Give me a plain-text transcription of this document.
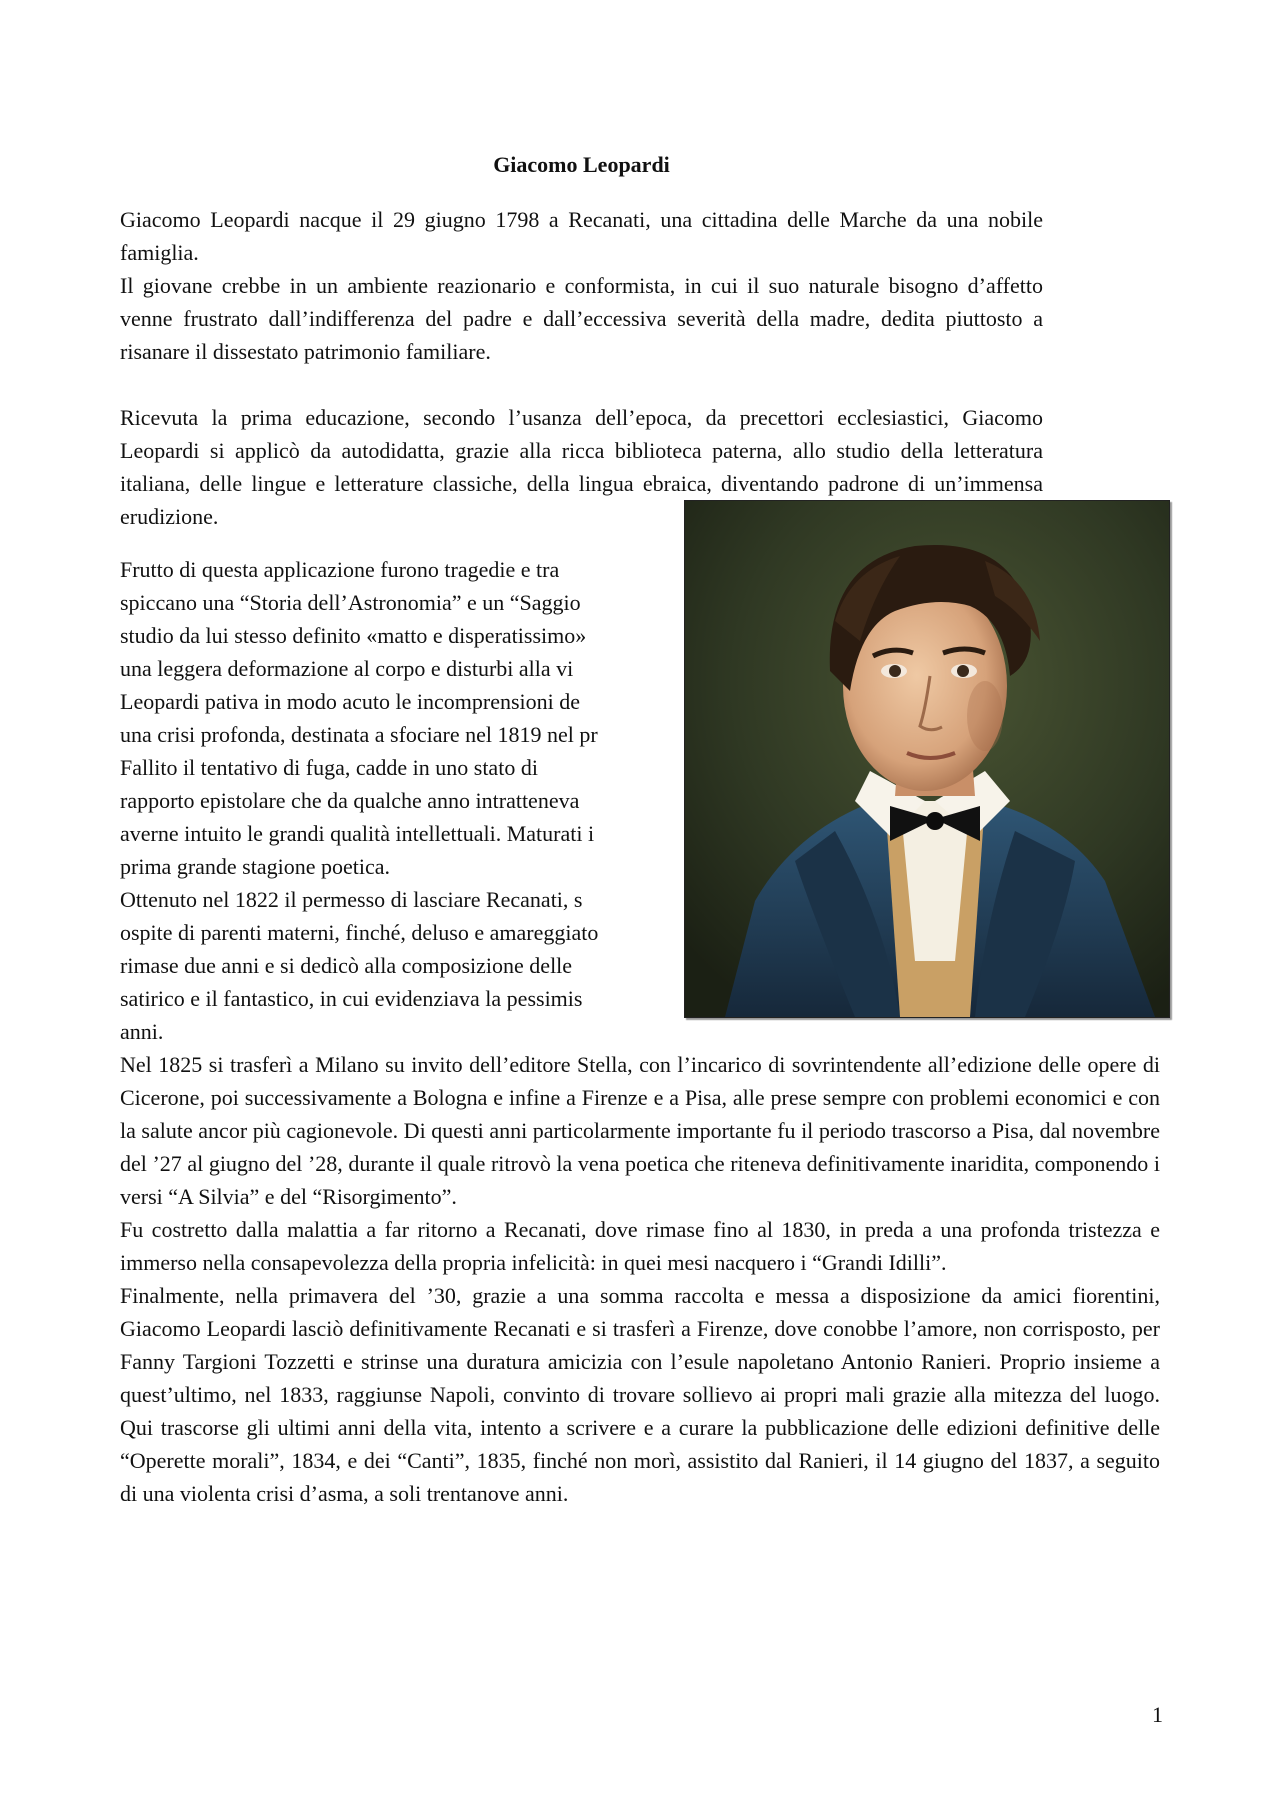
Giacomo Leopardi

Giacomo Leopardi nacque il 29 giugno 1798 a Recanati, una cittadina delle Marche da una nobile famiglia.

Il giovane crebbe in un ambiente reazionario e conformista, in cui il suo naturale bisogno d’affetto venne frustrato dall’indifferenza del padre e dall’eccessiva severità della madre, dedita piuttosto a risanare il dissestato patrimonio familiare.

Ricevuta la prima educazione, secondo l’usanza dell’epoca, da precettori ecclesiastici, Giacomo Leopardi si applicò da autodidatta, grazie alla ricca biblioteca paterna, allo studio della letteratura italiana, delle lingue e letterature classiche, della lingua ebraica, diventando padrone di un’immensa erudizione.

Frutto di questa applicazione furono tragedie e tra

spiccano una “Storia dell’Astronomia” e un “Saggio

studio da lui stesso definito «matto e disperatissimo»

una leggera deformazione al corpo e disturbi alla vi

Leopardi pativa in modo acuto le incomprensioni de

una crisi profonda, destinata a sfociare nel 1819 nel pr

Fallito il tentativo di fuga, cadde in uno stato di

rapporto epistolare che da qualche anno intratteneva

averne intuito le grandi qualità intellettuali. Maturati i

prima grande stagione poetica.

Ottenuto nel 1822 il permesso di lasciare Recanati, s

ospite di parenti materni, finché, deluso e amareggiato

rimase due anni e si dedicò alla composizione delle

satirico e il fantastico, in cui evidenziava la pessimis

anni.

Nel 1825 si trasferì a Milano su invito dell’editore Stella, con l’incarico di sovrintendente all’edizione delle opere di Cicerone, poi successivamente a Bologna e infine a Firenze e a Pisa, alle prese sempre con problemi economici e con la salute ancor più cagionevole. Di questi anni particolarmente importante fu il periodo trascorso a Pisa, dal novembre del ’27 al giugno del ’28, durante il quale ritrovò la vena poetica che riteneva definitivamente inaridita, componendo i versi “A Silvia” e del “Risorgimento”.

Fu costretto dalla malattia a far ritorno a Recanati, dove rimase fino al 1830, in preda a una profonda tristezza e immerso nella consapevolezza della propria infelicità: in quei mesi nacquero i “Grandi Idilli”.

Finalmente, nella primavera del ’30, grazie a una somma raccolta e messa a disposizione da amici fiorentini, Giacomo Leopardi lasciò definitivamente Recanati e si trasferì a Firenze, dove conobbe l’amore, non corrisposto, per Fanny Targioni Tozzetti e strinse una duratura amicizia con l’esule napoletano Antonio Ranieri. Proprio insieme a quest’ultimo, nel 1833, raggiunse Napoli, convinto di trovare sollievo ai propri mali grazie alla mitezza del luogo. Qui trascorse gli ultimi anni della vita, intento a scrivere e a curare la pubblicazione delle edizioni definitive delle “Operette morali”, 1834, e dei “Canti”, 1835, finché non morì, assistito dal Ranieri, il 14 giugno del 1837, a seguito di una violenta crisi d’asma, a soli trentanove anni.

1
